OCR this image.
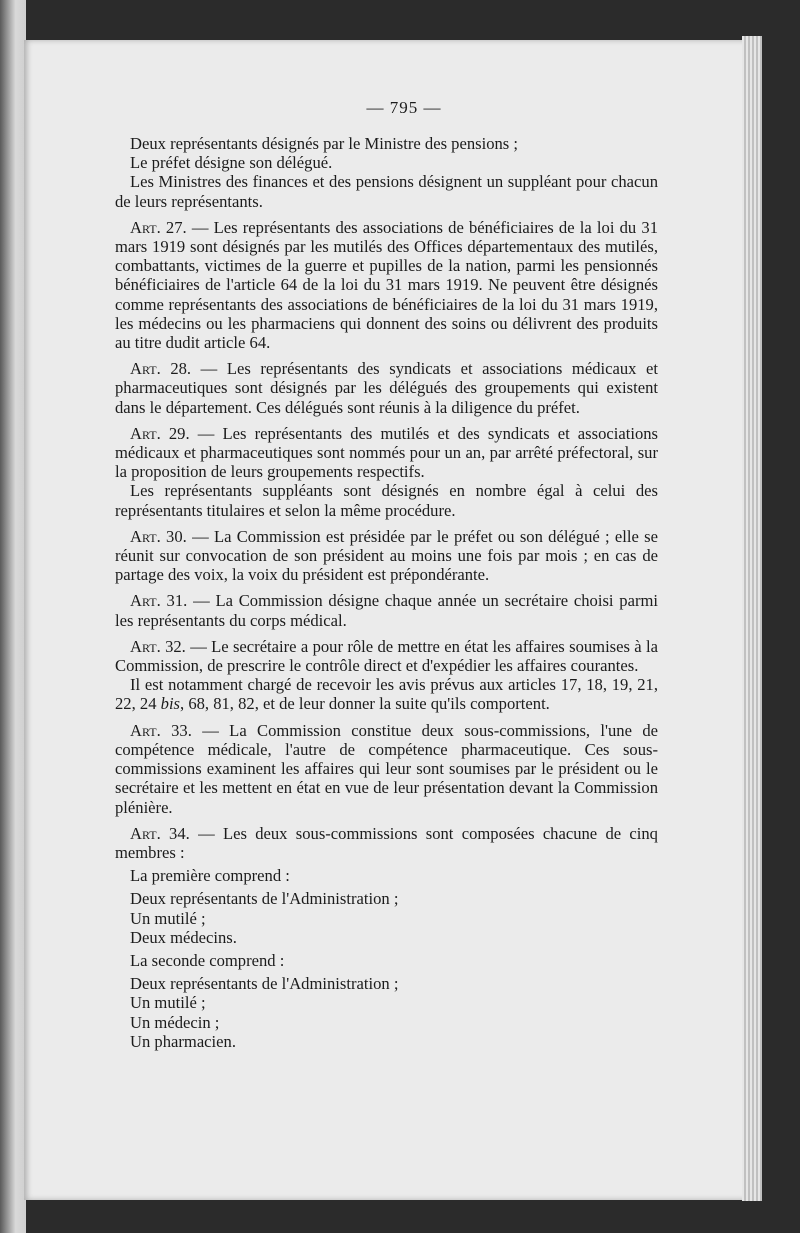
— 795 —

Deux représentants désignés par le Ministre des pensions ;

Le préfet désigne son délégué.

Les Ministres des finances et des pensions désignent un suppléant pour chacun de leurs représentants.

Art. 27. — Les représentants des associations de bénéficiaires de la loi du 31 mars 1919 sont désignés par les mutilés des Offices départementaux des mutilés, combattants, victimes de la guerre et pupilles de la nation, parmi les pensionnés bénéficiaires de l'article 64 de la loi du 31 mars 1919. Ne peuvent être désignés comme représentants des associations de bénéficiaires de la loi du 31 mars 1919, les médecins ou les pharmaciens qui donnent des soins ou délivrent des produits au titre dudit article 64.

Art. 28. — Les représentants des syndicats et associations médicaux et pharmaceutiques sont désignés par les délégués des groupements qui existent dans le département. Ces délégués sont réunis à la diligence du préfet.

Art. 29. — Les représentants des mutilés et des syndicats et associations médicaux et pharmaceutiques sont nommés pour un an, par arrêté préfectoral, sur la proposition de leurs groupements respectifs.

Les représentants suppléants sont désignés en nombre égal à celui des représentants titulaires et selon la même procédure.

Art. 30. — La Commission est présidée par le préfet ou son délégué ; elle se réunit sur convocation de son président au moins une fois par mois ; en cas de partage des voix, la voix du président est prépondérante.

Art. 31. — La Commission désigne chaque année un secrétaire choisi parmi les représentants du corps médical.

Art. 32. — Le secrétaire a pour rôle de mettre en état les affaires soumises à la Commission, de prescrire le contrôle direct et d'expédier les affaires courantes.

Il est notamment chargé de recevoir les avis prévus aux articles 17, 18, 19, 21, 22, 24 bis, 68, 81, 82, et de leur donner la suite qu'ils comportent.

Art. 33. — La Commission constitue deux sous-commissions, l'une de compétence médicale, l'autre de compétence pharmaceutique. Ces sous-commissions examinent les affaires qui leur sont soumises par le président ou le secrétaire et les mettent en état en vue de leur présentation devant la Commission plénière.

Art. 34. — Les deux sous-commissions sont composées chacune de cinq membres :

La première comprend :

Deux représentants de l'Administration ;

Un mutilé ;

Deux médecins.

La seconde comprend :

Deux représentants de l'Administration ;

Un mutilé ;

Un médecin ;

Un pharmacien.
